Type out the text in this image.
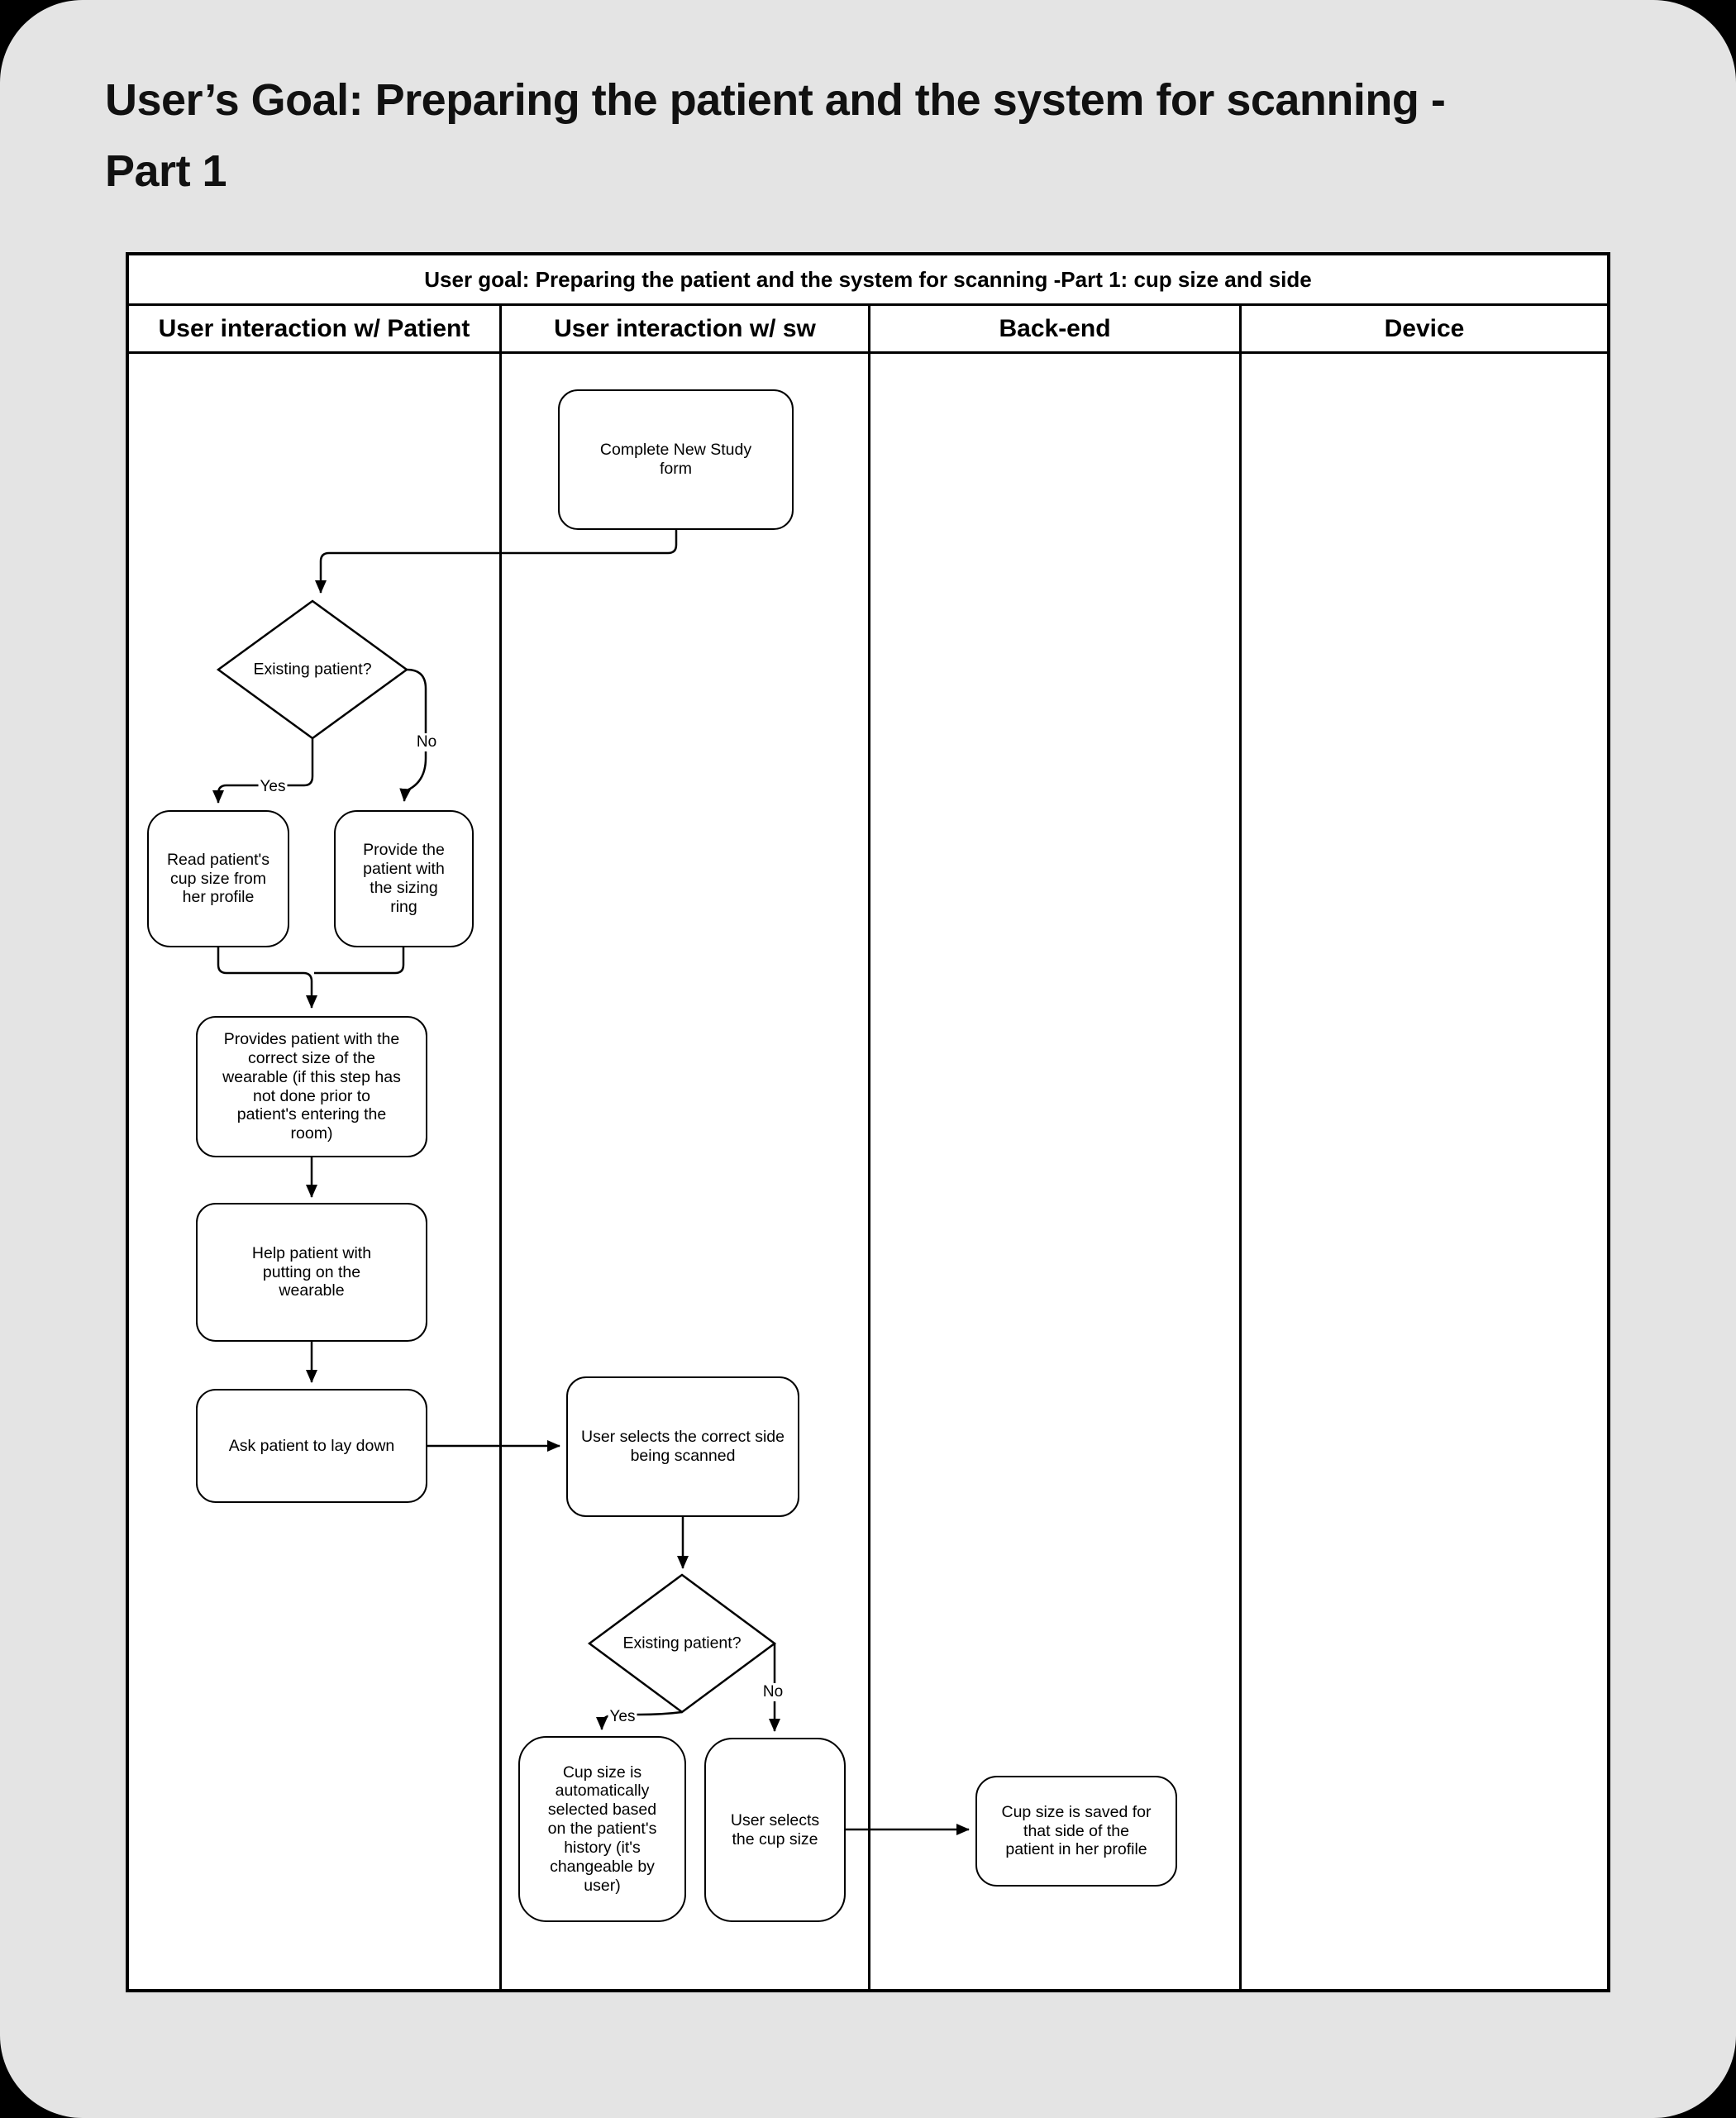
User’s Goal: Preparing the patient and the system for scanning - Part 1
User goal: Preparing the patient and the system for scanning -Part 1: cup size and side
User interaction w/ Patient	User interaction w/ sw	Back-end	Device
Complete New Study form
Existing patient?
Read patient's cup size from her profile
Provide the patient with the sizing ring
Provides patient with the correct size of the wearable (if this step has not done prior to patient's entering the room)
Help patient with putting on the wearable
Ask patient to lay down	User selects the correct side being scanned
Existing patient?
Cup size is automatically selected based on the patient's history (it's changeable by user)
User selects the cup size
Cup size is saved for that side of the patient in her profile
Yes
No
Yes
No
